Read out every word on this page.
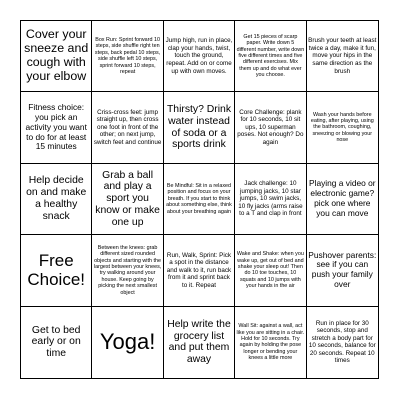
Cover your sneeze and cough with your elbow
Box Run: Sprint forward 10 steps, side shuffle right ten steps, back pedal 10 steps, side shuffle left 10 steps, sprint forward 10 steps, repeat
Jump high, run in place, clap your hands, twist, touch the ground, repeat. Add on or come up with own moves.
Get 15 pieces of scarp paper. Write down 5 different number, write down five different times and five different exercises. Mix them up and do what ever you choose.
Brush your teeth at least twice a day, make it fun, move your hips in the same direction as the brush
Fitness choice: you pick an activity you want to do for at least 15 minutes
Criss-cross feet: jump straight up, then cross one foot in front of the other; on next jump, switch feet and continue
Thirsty? Drink water instead of soda or a sports drink
Core Challenge: plank for 10 seconds, 10 sit ups, 10 superman poses. Not enough? Do again
Wash your hands before eating, after playing, using the bathroom, coughing, sneezing or blowing your nose
Help decide on and make a healthy snack
Grab a ball and play a sport you know or make one up
Be Mindful: Sit in a relaxed position and focus on your breath. If you start to think about something else, think about your breathing again
Jack challenge: 10 jumping jacks, 10 star jumps, 10 swim jacks, 10 fly jacks (arms raise to a T and clap in front
Playing a video or electronic game? pick one where you can move
Free Choice!
Between the knees: grab different sized rounded objects and starting with the largest between your knees, try walking around your house. Keep going by picking the next smallest object
Run, Walk, Sprint: Pick a spot in the distance and walk to it, run back from it and sprint back to it. Repeat
Wake and Shake: when you wake up, get out of bed and shake your sleep out! Then do 10 toe touches, 10 squats and 10 jumps with your hands in the air
Pushover parents: see if you can push your family over
Get to bed early or on time	Yoga!
Help write the grocery list and put them away
Wall Sit: against a wall, act like you are sitting in a chair. Hold for 10 seconds. Try again by holding the pose longer or bending your knees a little more
Run in place for 30 seconds, stop and stretch a body part for 10 seconds, balance for 20 seconds. Repeat 10 times
